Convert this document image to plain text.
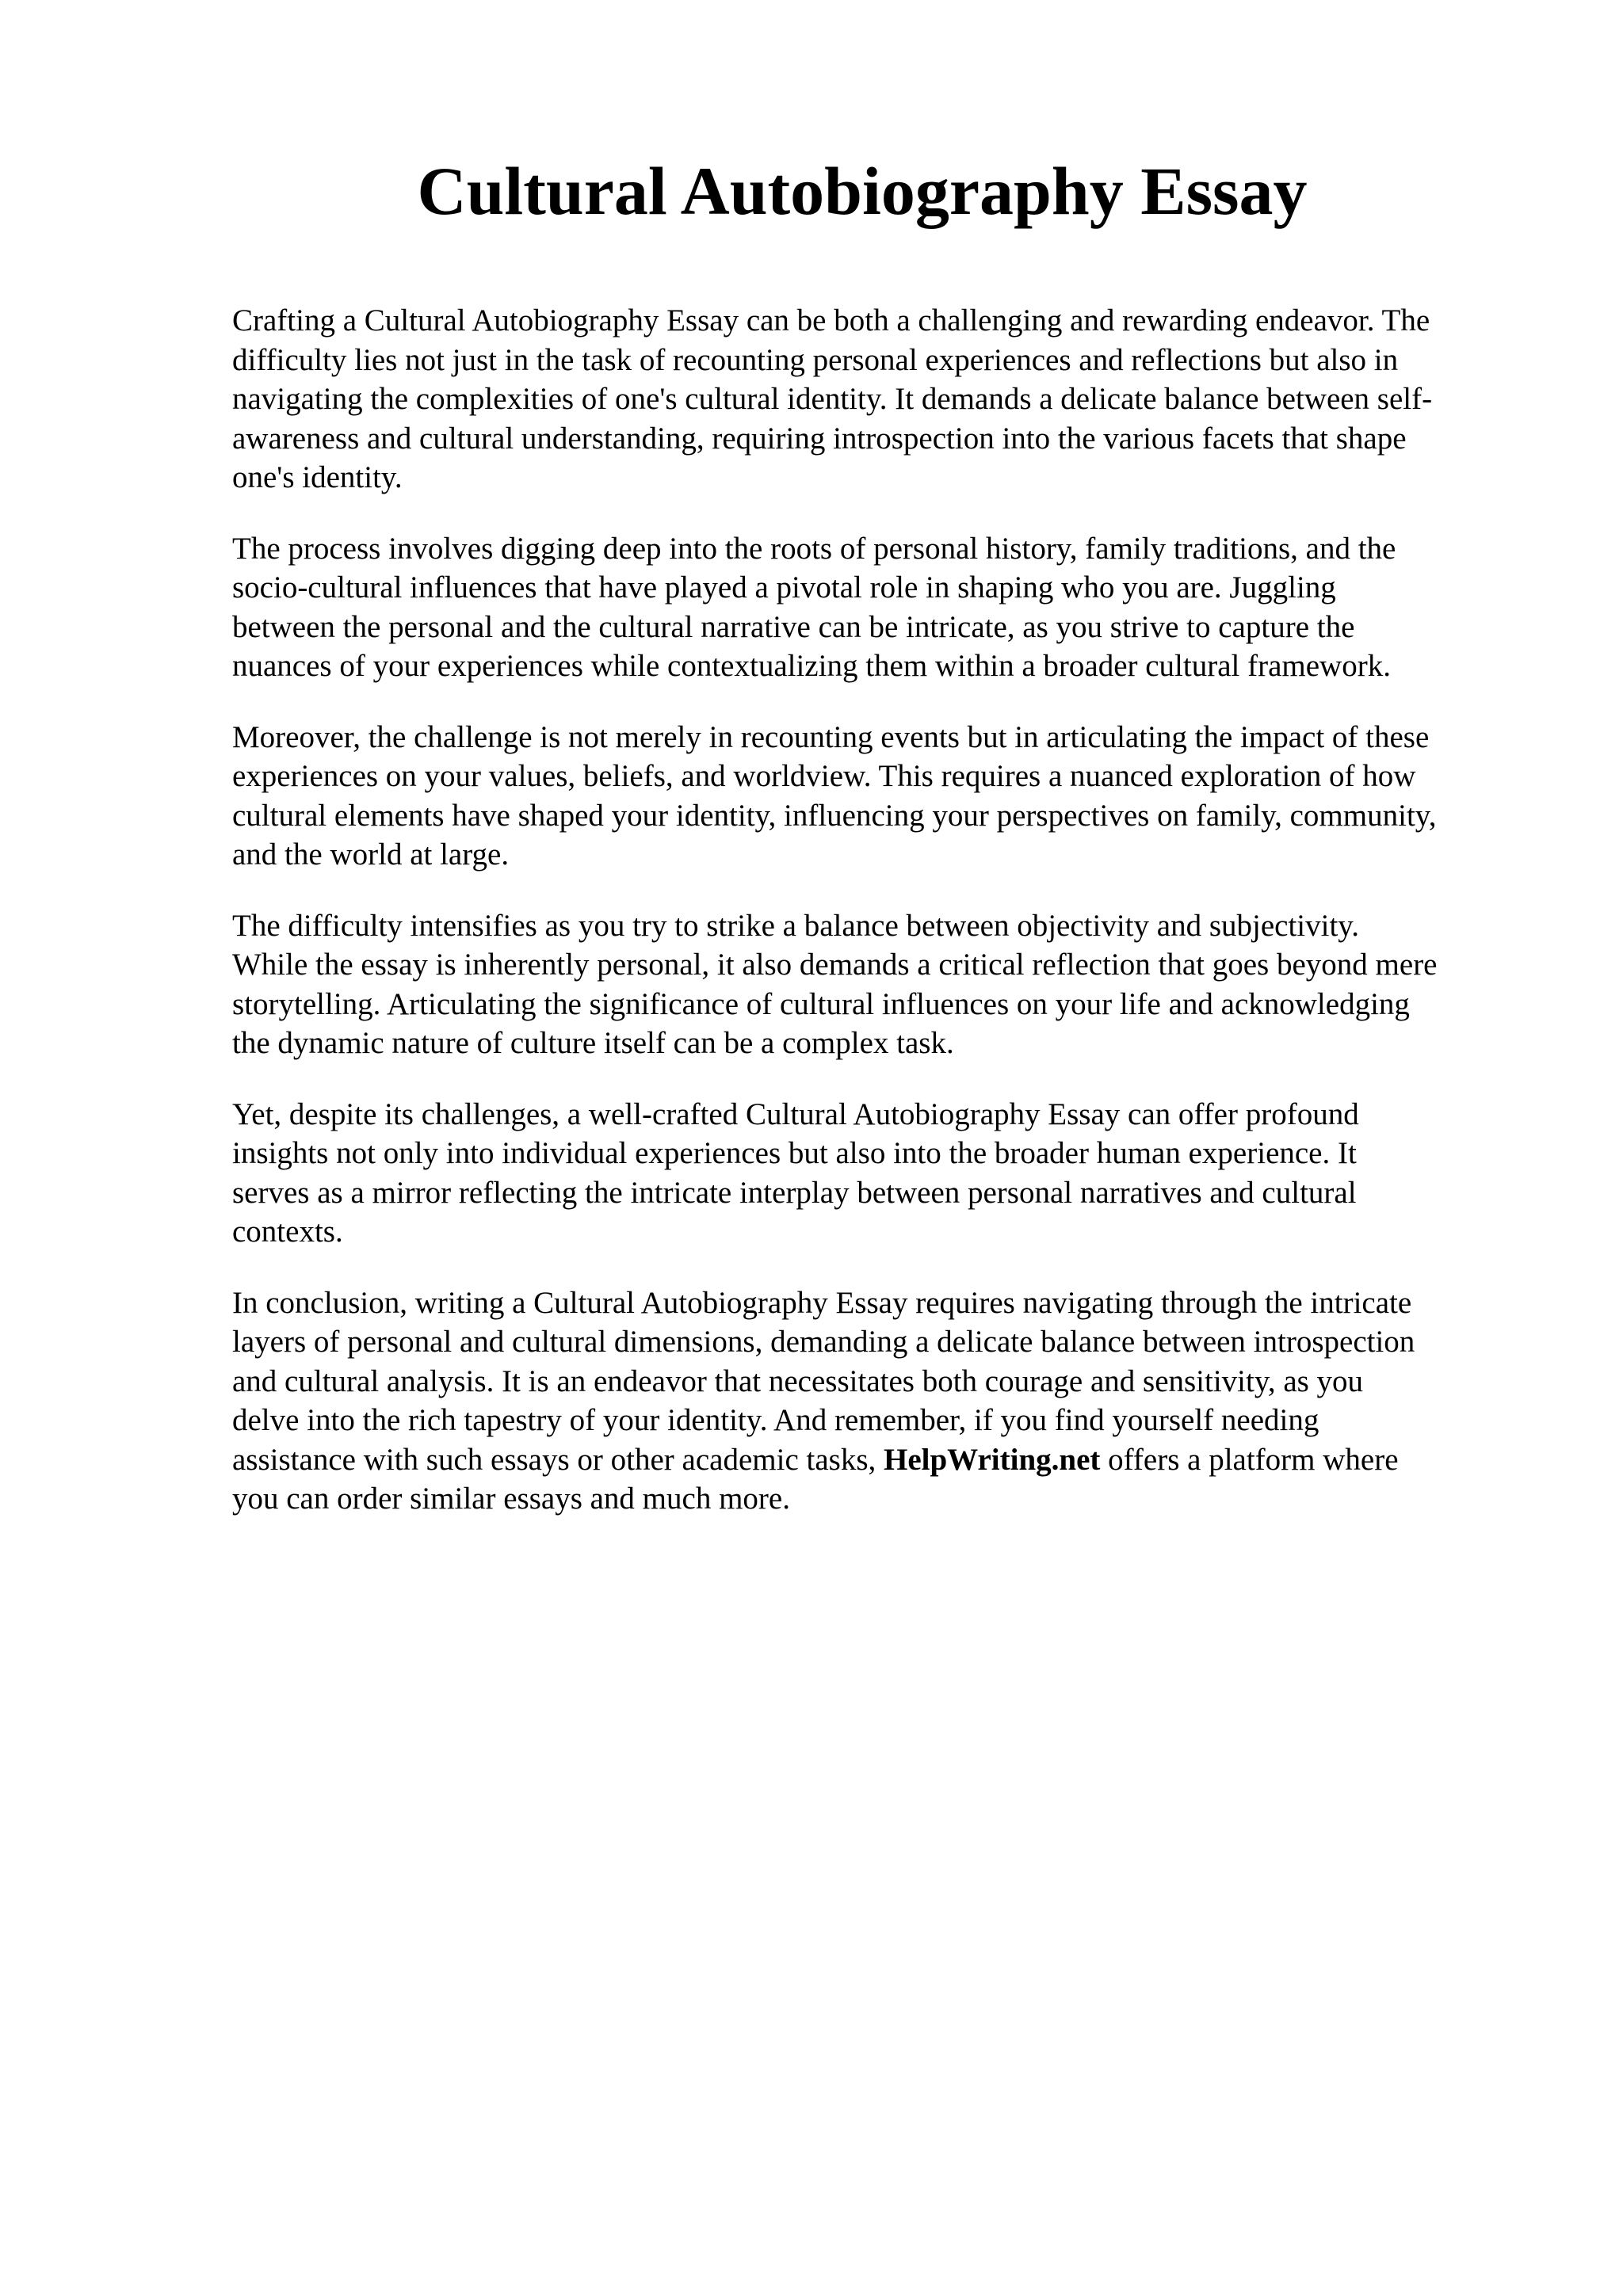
Cultural Autobiography Essay

Crafting a Cultural Autobiography Essay can be both a challenging and rewarding endeavor. The
difficulty lies not just in the task of recounting personal experiences and reflections but also in
navigating the complexities of one's cultural identity. It demands a delicate balance between self-
awareness and cultural understanding, requiring introspection into the various facets that shape
one's identity.

The process involves digging deep into the roots of personal history, family traditions, and the
socio-cultural influences that have played a pivotal role in shaping who you are. Juggling
between the personal and the cultural narrative can be intricate, as you strive to capture the
nuances of your experiences while contextualizing them within a broader cultural framework.

Moreover, the challenge is not merely in recounting events but in articulating the impact of these
experiences on your values, beliefs, and worldview. This requires a nuanced exploration of how
cultural elements have shaped your identity, influencing your perspectives on family, community,
and the world at large.

The difficulty intensifies as you try to strike a balance between objectivity and subjectivity.
While the essay is inherently personal, it also demands a critical reflection that goes beyond mere
storytelling. Articulating the significance of cultural influences on your life and acknowledging
the dynamic nature of culture itself can be a complex task.

Yet, despite its challenges, a well-crafted Cultural Autobiography Essay can offer profound
insights not only into individual experiences but also into the broader human experience. It
serves as a mirror reflecting the intricate interplay between personal narratives and cultural
contexts.

In conclusion, writing a Cultural Autobiography Essay requires navigating through the intricate
layers of personal and cultural dimensions, demanding a delicate balance between introspection
and cultural analysis. It is an endeavor that necessitates both courage and sensitivity, as you
delve into the rich tapestry of your identity. And remember, if you find yourself needing
assistance with such essays or other academic tasks, HelpWriting.net offers a platform where
you can order similar essays and much more.
